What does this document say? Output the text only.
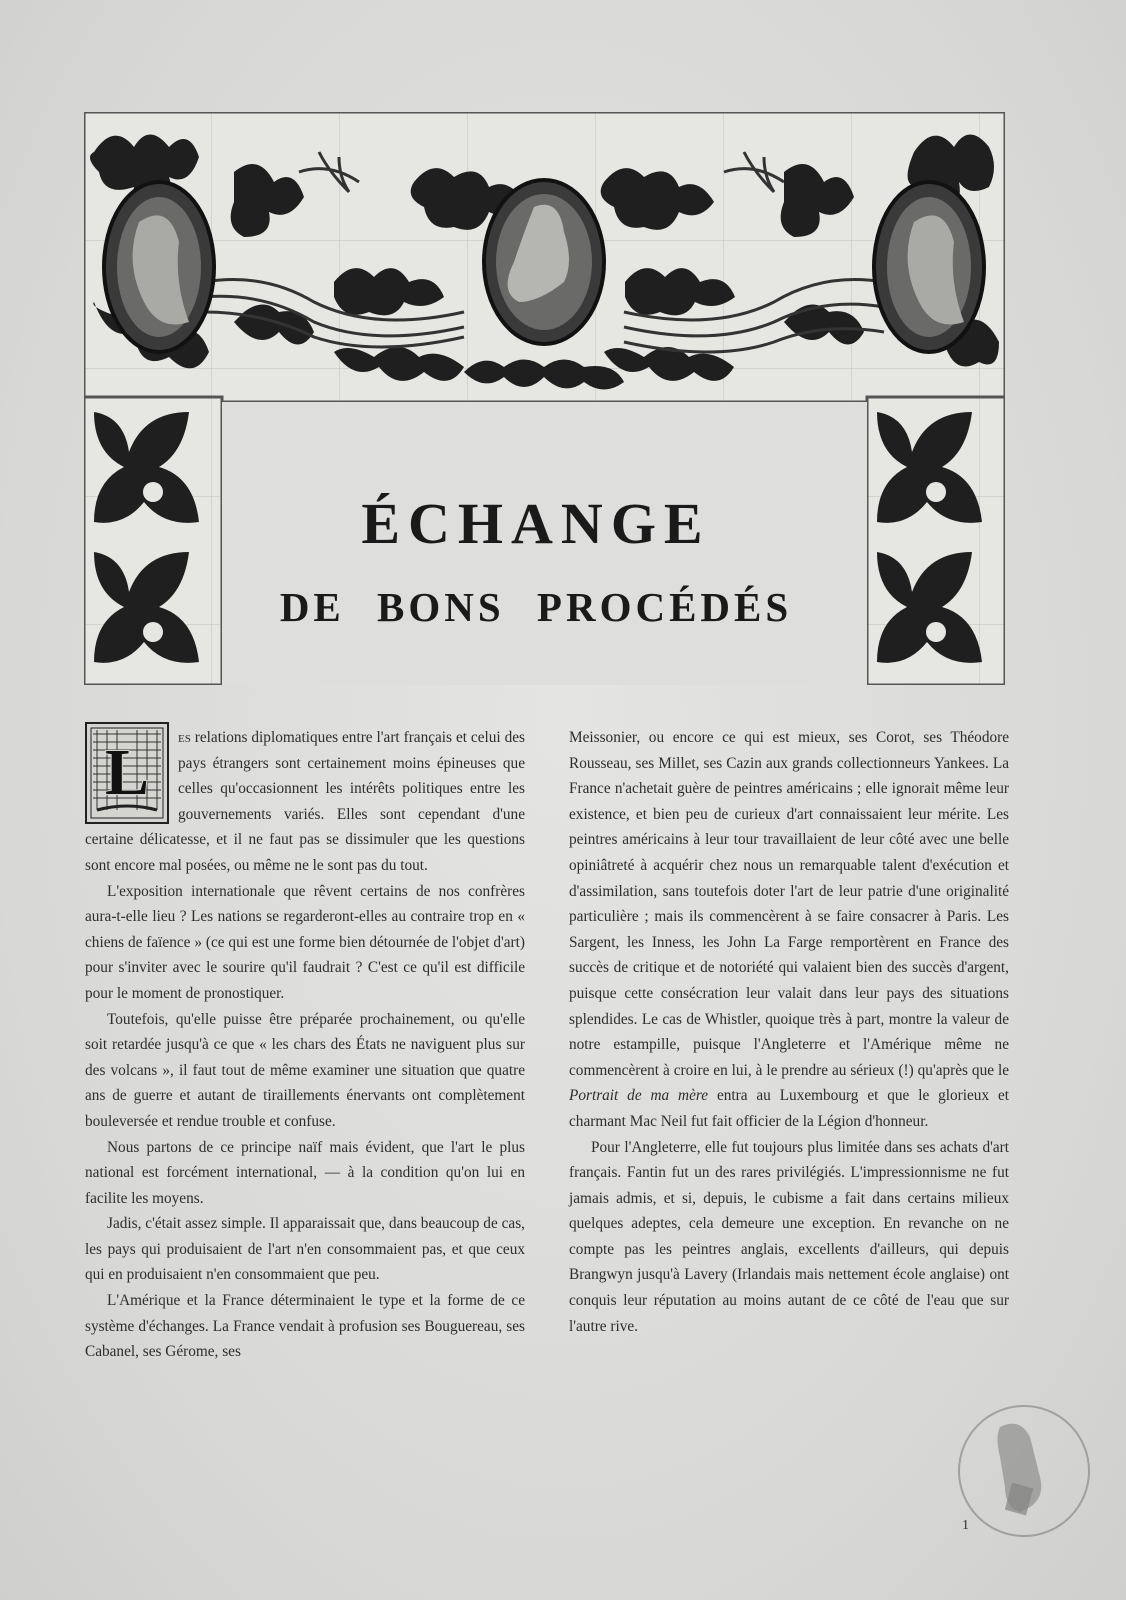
ÉCHANGE
DE BONS PROCÉDÉS

L es relations diplomatiques entre l'art français et celui des pays étrangers sont certainement moins épineuses que celles qu'occasionnent les intérêts politiques entre les gouvernements variés. Elles sont cependant d'une certaine délicatesse, et il ne faut pas se dissimuler que les questions sont encore mal posées, ou même ne le sont pas du tout.

L'exposition internationale que rêvent certains de nos confrères aura-t-elle lieu ? Les nations se regarderont-elles au contraire trop en « chiens de faïence » (ce qui est une forme bien détournée de l'objet d'art) pour s'inviter avec le sourire qu'il faudrait ? C'est ce qu'il est difficile pour le moment de pronostiquer.

Toutefois, qu'elle puisse être préparée prochainement, ou qu'elle soit retardée jusqu'à ce que « les chars des États ne naviguent plus sur des volcans », il faut tout de même examiner une situation que quatre ans de guerre et autant de tiraillements énervants ont complètement bouleversée et rendue trouble et confuse.

Nous partons de ce principe naïf mais évident, que l'art le plus national est forcément international, — à la condition qu'on lui en facilite les moyens.

Jadis, c'était assez simple. Il apparaissait que, dans beaucoup de cas, les pays qui produisaient de l'art n'en consommaient pas, et que ceux qui en produisaient n'en consommaient que peu.

L'Amérique et la France déterminaient le type et la forme de ce système d'échanges. La France vendait à profusion ses Bouguereau, ses Cabanel, ses Gérome, ses

Meissonier, ou encore ce qui est mieux, ses Corot, ses Théodore Rousseau, ses Millet, ses Cazin aux grands collectionneurs Yankees. La France n'achetait guère de peintres américains ; elle ignorait même leur existence, et bien peu de curieux d'art connaissaient leur mérite. Les peintres américains à leur tour travaillaient de leur côté avec une belle opiniâtreté à acquérir chez nous un remarquable talent d'exécution et d'assimilation, sans toutefois doter l'art de leur patrie d'une originalité particulière ; mais ils commencèrent à se faire consacrer à Paris. Les Sargent, les Inness, les John La Farge remportèrent en France des succès de critique et de notoriété qui valaient bien des succès d'argent, puisque cette consécration leur valait dans leur pays des situations splendides. Le cas de Whistler, quoique très à part, montre la valeur de notre estampille, puisque l'Angleterre et l'Amérique même ne commencèrent à croire en lui, à le prendre au sérieux (!) qu'après que le Portrait de ma mère entra au Luxembourg et que le glorieux et charmant Mac Neil fut fait officier de la Légion d'honneur.

Pour l'Angleterre, elle fut toujours plus limitée dans ses achats d'art français. Fantin fut un des rares privilégiés. L'impressionnisme ne fut jamais admis, et si, depuis, le cubisme a fait dans certains milieux quelques adeptes, cela demeure une exception. En revanche on ne compte pas les peintres anglais, excellents d'ailleurs, qui depuis Brangwyn jusqu'à Lavery (Irlandais mais nettement école anglaise) ont conquis leur réputation au moins autant de ce côté de l'eau que sur l'autre rive.

1
